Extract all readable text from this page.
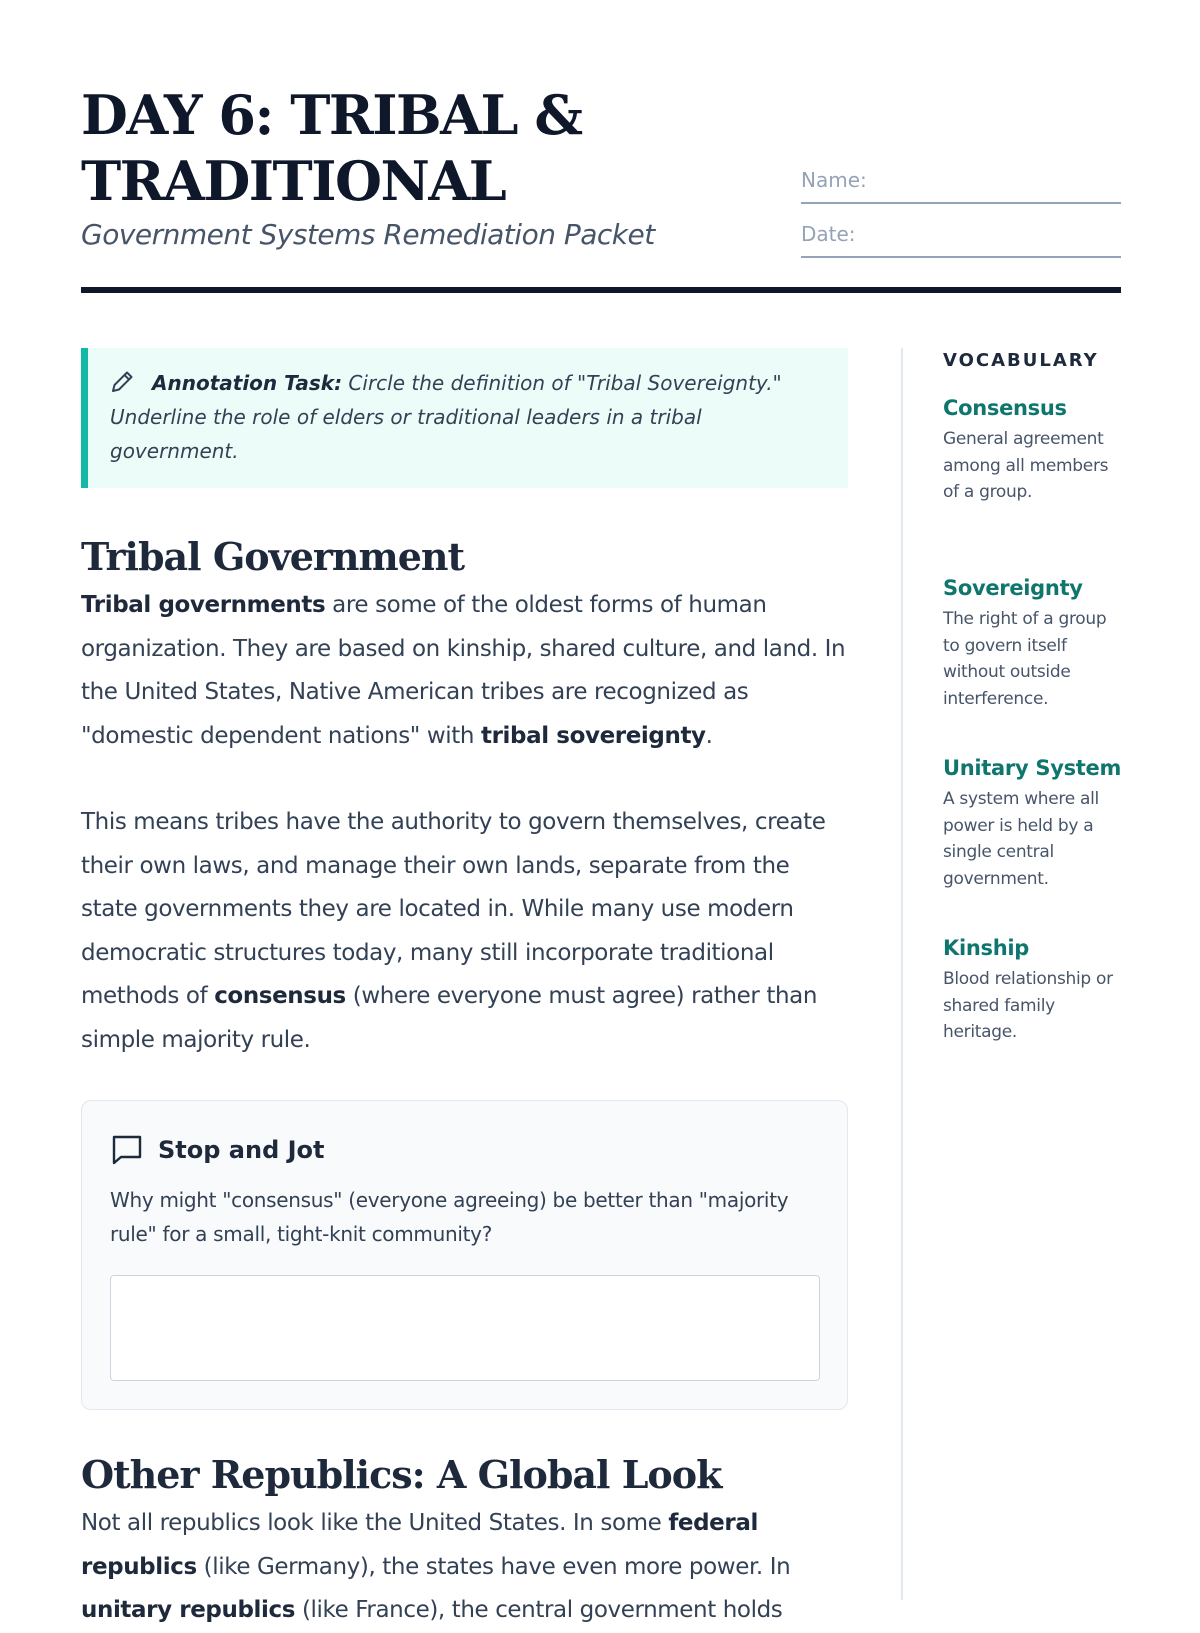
DAY 6: TRIBAL &
TRADITIONAL
Government Systems Remediation Packet
Name:
Date:
Annotation Task: Circle the definition of "Tribal Sovereignty." Underline the role of elders or traditional leaders in a tribal government.
Tribal Government

Tribal governments are some of the oldest forms of human organization. They are based on kinship, shared culture, and land. In the United States, Native American tribes are recognized as "domestic dependent nations" with tribal sovereignty.

This means tribes have the authority to govern themselves, create their own laws, and manage their own lands, separate from the state governments they are located in. While many use modern democratic structures today, many still incorporate traditional methods of consensus (where everyone must agree) rather than simple majority rule.

Stop and Jot
Why might "consensus" (everyone agreeing) be better than "majority rule" for a small, tight-knit community?
Other Republics: A Global Look

Not all republics look like the United States. In some federal republics (like Germany), the states have even more power. In unitary republics (like France), the central government holds

VOCABULARY
Consensus
General agreement among all members of a group.
Sovereignty
The right of a group to govern itself without outside interference.
Unitary System
A system where all power is held by a single central government.
Kinship
Blood relationship or shared family heritage.
